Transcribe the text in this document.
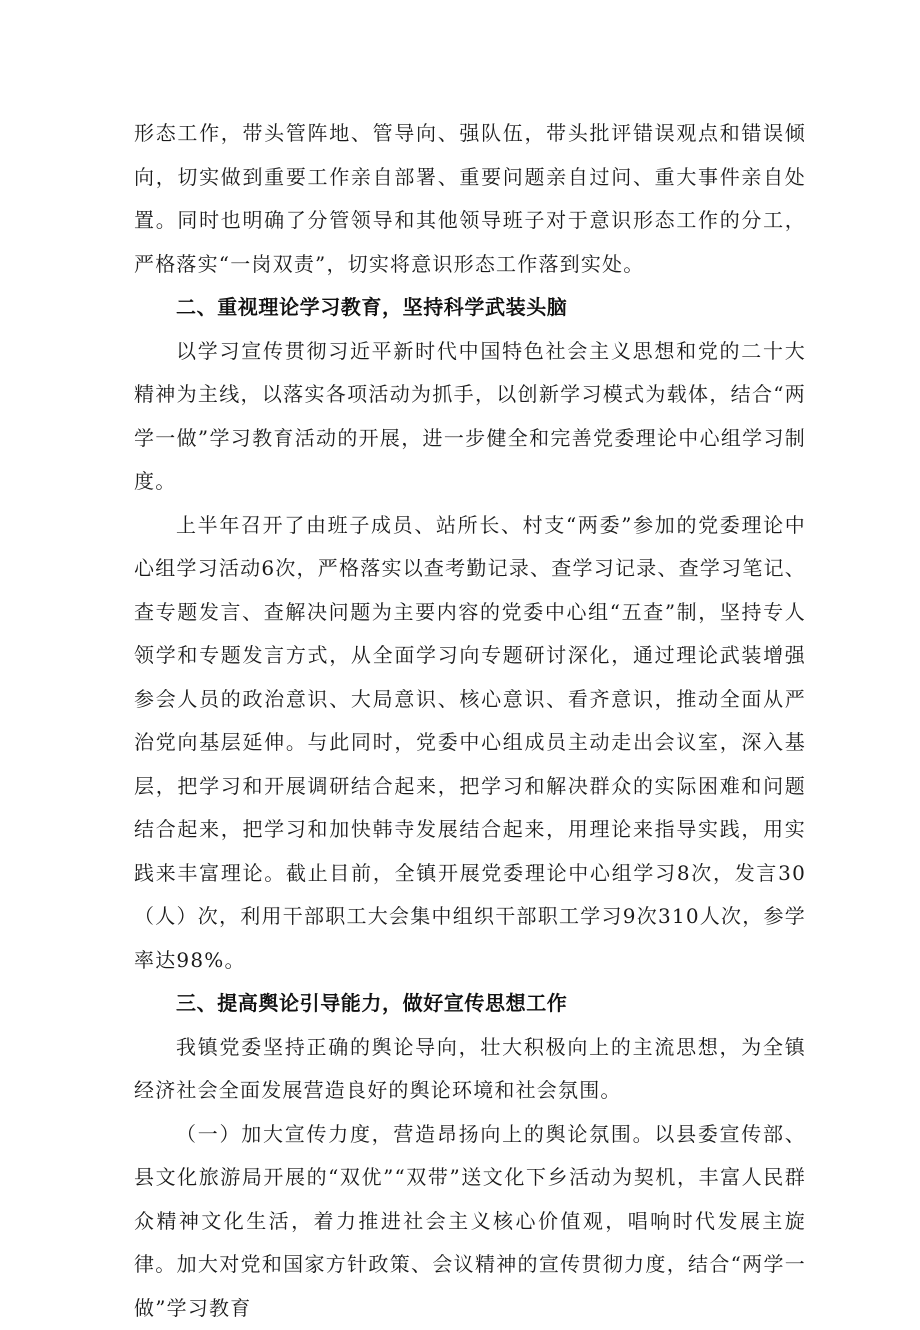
形态工作，带头管阵地、管导向、强队伍，带头批评错误观点和错误倾向，切实做到重要工作亲自部署、重要问题亲自过问、重大事件亲自处置。同时也明确了分管领导和其他领导班子对于意识形态工作的分工，严格落实“一岗双责”，切实将意识形态工作落到实处。

二、重视理论学习教育，坚持科学武装头脑

以学习宣传贯彻习近平新时代中国特色社会主义思想和党的二十大精神为主线，以落实各项活动为抓手，以创新学习模式为载体，结合“两学一做”学习教育活动的开展，进一步健全和完善党委理论中心组学习制度。

上半年召开了由班子成员、站所长、村支“两委”参加的党委理论中心组学习活动6次，严格落实以查考勤记录、查学习记录、查学习笔记、查专题发言、查解决问题为主要内容的党委中心组“五查”制，坚持专人领学和专题发言方式，从全面学习向专题研讨深化，通过理论武装增强参会人员的政治意识、大局意识、核心意识、看齐意识，推动全面从严治党向基层延伸。与此同时，党委中心组成员主动走出会议室，深入基层，把学习和开展调研结合起来，把学习和解决群众的实际困难和问题结合起来，把学习和加快韩寺发展结合起来，用理论来指导实践，用实践来丰富理论。截止目前，全镇开展党委理论中心组学习8次，发言30（人）次，利用干部职工大会集中组织干部职工学习9次310人次，参学率达98%。

三、提高舆论引导能力，做好宣传思想工作

我镇党委坚持正确的舆论导向，壮大积极向上的主流思想，为全镇经济社会全面发展营造良好的舆论环境和社会氛围。

（一）加大宣传力度，营造昂扬向上的舆论氛围。以县委宣传部、县文化旅游局开展的“双优”“双带”送文化下乡活动为契机，丰富人民群众精神文化生活，着力推进社会主义核心价值观，唱响时代发展主旋律。加大对党和国家方针政策、会议精神的宣传贯彻力度，结合“两学一做”学习教育
